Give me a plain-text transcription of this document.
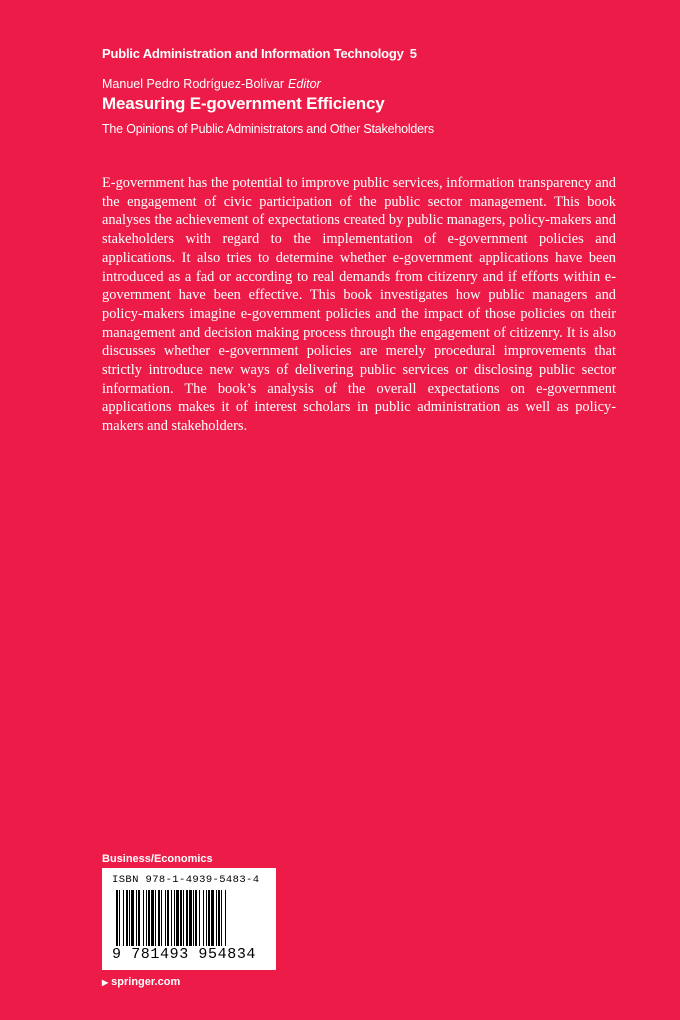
Public Administration and Information Technology 5
Manuel Pedro Rodríguez-Bolívar Editor
Measuring E-government Efficiency
The Opinions of Public Administrators and Other Stakeholders

E-government has the potential to improve public services, information transparency and the engagement of civic participation of the public sector management. This book analyses the achievement of expectations created by public managers, policy-makers and stakeholders with regard to the implementation of e-government policies and applications. It also tries to determine whether e-government applications have been introduced as a fad or according to real demands from citizenry and if efforts within e-government have been effective. This book investigates how public managers and policy-makers imagine e-government policies and the impact of those policies on their management and decision making process through the engagement of citizenry. It is also discusses whether e-government policies are merely procedural improvements that strictly introduce new ways of delivering public services or disclosing public sector information. The book’s analysis of the overall expectations on e-government applications makes it of interest scholars in public administration as well as policy-makers and stakeholders.

Business/Economics
ISBN 978-1-4939-5483-4
9 781493 954834
▶ springer.com
